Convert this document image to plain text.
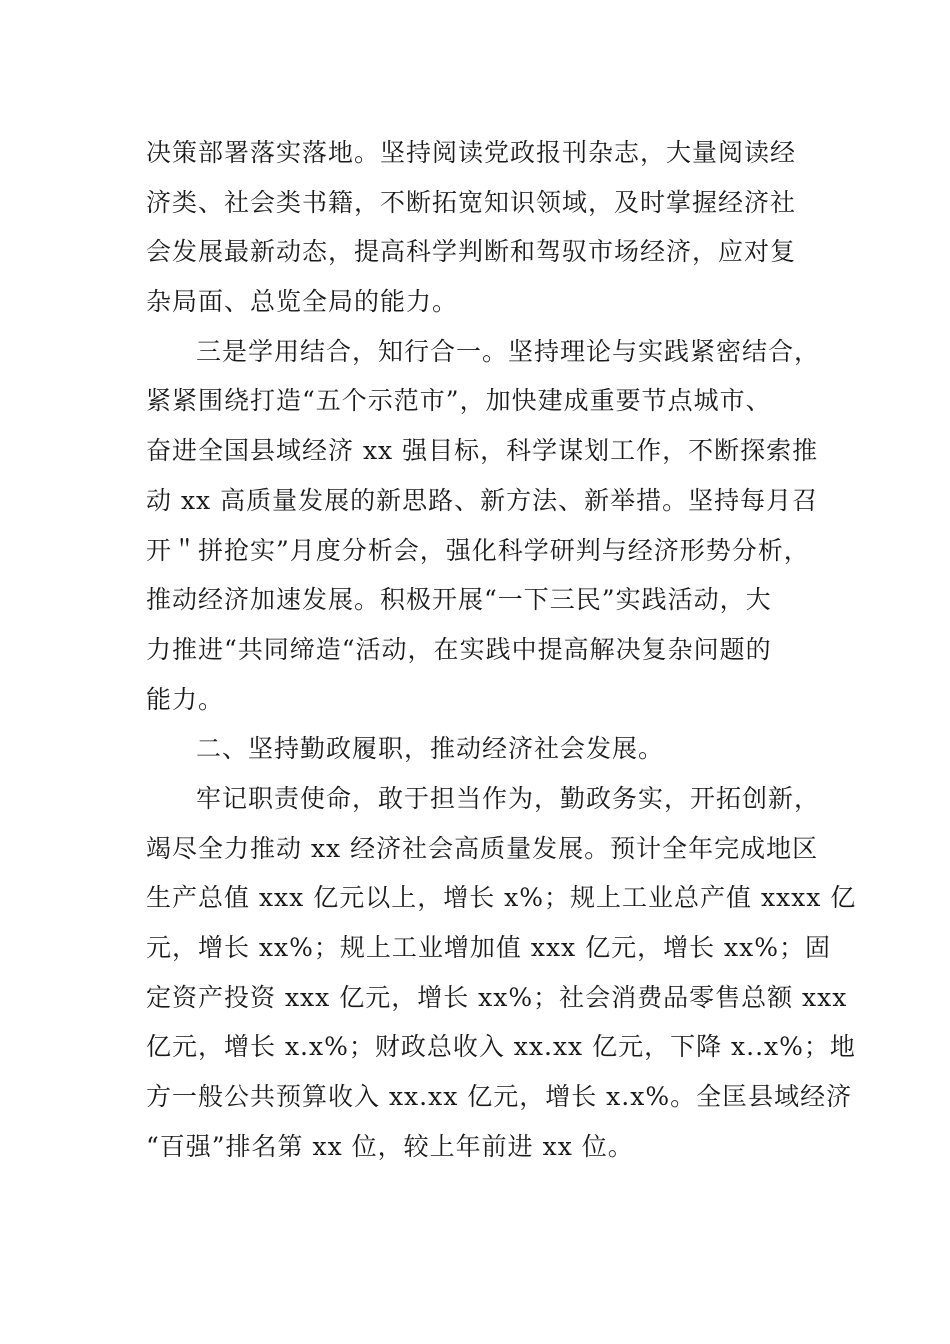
决策部署落实落地。坚持阅读党政报刊杂志，大量阅读经
济类、社会类书籍，不断拓宽知识领域，及时掌握经济社
会发展最新动态，提高科学判断和驾驭市场经济，应对复
杂局面、总览全局的能力。
三是学用结合，知行合一。坚持理论与实践紧密结合，
紧紧围绕打造“五个示范市”，加快建成重要节点城市、
奋进全国县域经济 xx 强目标，科学谋划工作，不断探索推
动 xx 高质量发展的新思路、新方法、新举措。坚持每月召
开＂拼抢实”月度分析会，强化科学研判与经济形势分析，
推动经济加速发展。积极开展“一下三民”实践活动，大
力推进“共同缔造“活动，在实践中提高解决复杂问题的
能力。
二、坚持勤政履职，推动经济社会发展。
牢记职责使命，敢于担当作为，勤政务实，开拓创新，
竭尽全力推动 xx 经济社会高质量发展。预计全年完成地区
生产总值 xxx 亿元以上，增长 x%；规上工业总产值 xxxx 亿
元，增长 xx%；规上工业增加值 xxx 亿元，增长 xx%；固
定资产投资 xxx 亿元，增长 xx%；社会消费品零售总额 xxx
亿元，增长 x.x%；财政总收入 xx.xx 亿元，下降 x..x%；地
方一般公共预算收入 xx.xx 亿元，增长 x.x%。全匡县域经济
“百强”排名第 xx 位，较上年前进 xx 位。
